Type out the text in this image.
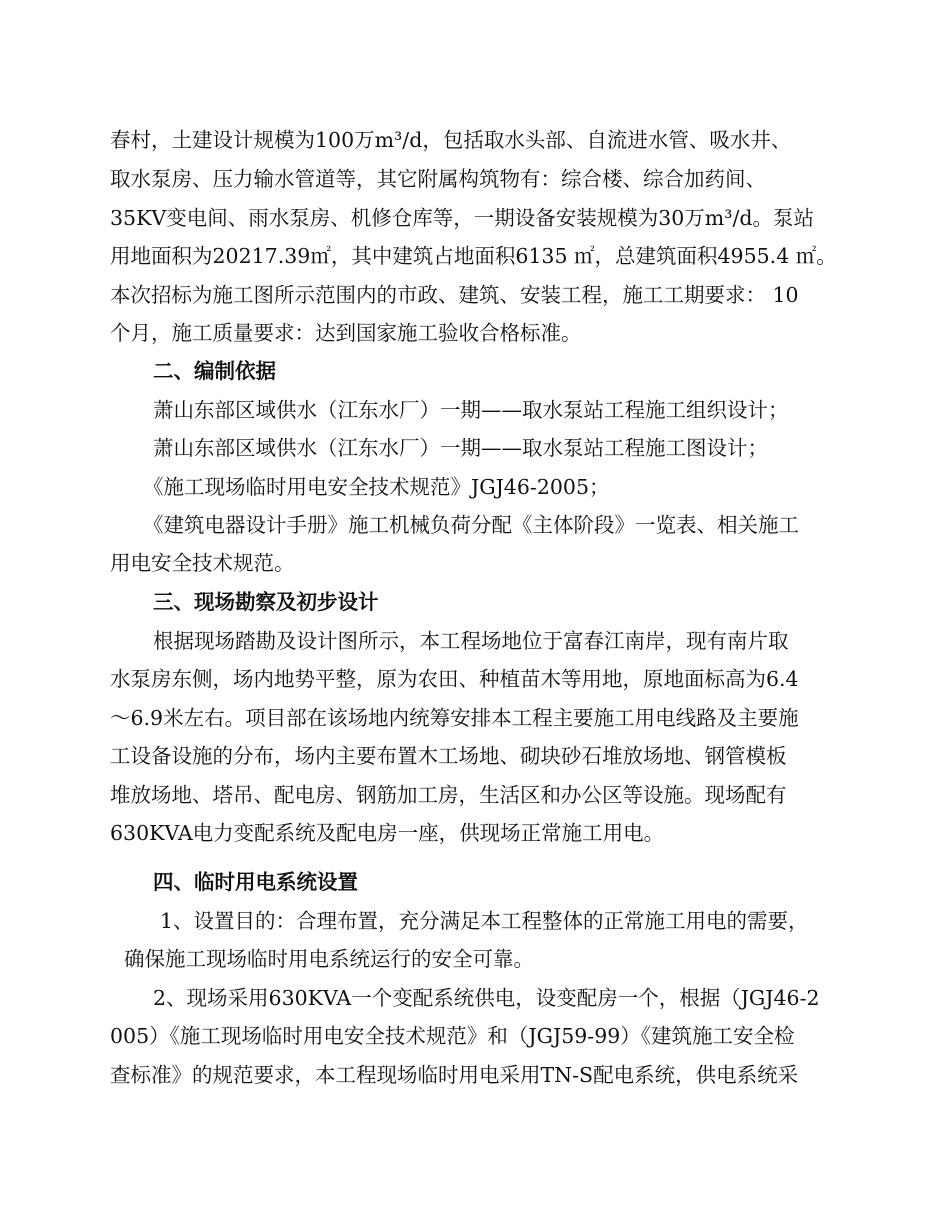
春村，土建设计规模为100万m³/d，包括取水头部、自流进水管、吸水井、
取水泵房、压力输水管道等，其它附属构筑物有：综合楼、综合加药间、
35KV变电间、雨水泵房、机修仓库等，一期设备安装规模为30万m³/d。泵站
用地面积为20217.39㎡，其中建筑占地面积6135 ㎡，总建筑面积4955.4 ㎡。
本次招标为施工图所示范围内的市政、建筑、安装工程，施工工期要求： 10
个月，施工质量要求：达到国家施工验收合格标准。
二、编制依据
萧山东部区域供水（江东水厂）一期——取水泵站工程施工组织设计；
萧山东部区域供水（江东水厂）一期——取水泵站工程施工图设计；
《施工现场临时用电安全技术规范》JGJ46-2005；
《建筑电器设计手册》施工机械负荷分配《主体阶段》一览表、相关施工
用电安全技术规范。
三、现场勘察及初步设计
根据现场踏勘及设计图所示，本工程场地位于富春江南岸，现有南片取
水泵房东侧，场内地势平整，原为农田、种植苗木等用地，原地面标高为6.4
～6.9米左右。项目部在该场地内统筹安排本工程主要施工用电线路及主要施
工设备设施的分布，场内主要布置木工场地、砌块砂石堆放场地、钢管模板
堆放场地、塔吊、配电房、钢筋加工房，生活区和办公区等设施。现场配有
630KVA电力变配系统及配电房一座，供现场正常施工用电。
四、临时用电系统设置
1、设置目的：合理布置，充分满足本工程整体的正常施工用电的需要，
确保施工现场临时用电系统运行的安全可靠。
2、现场采用630KVA一个变配系统供电，设变配房一个，根据（JGJ46-2
005）《施工现场临时用电安全技术规范》和（JGJ59-99）《建筑施工安全检
查标准》的规范要求，本工程现场临时用电采用TN-S配电系统，供电系统采
